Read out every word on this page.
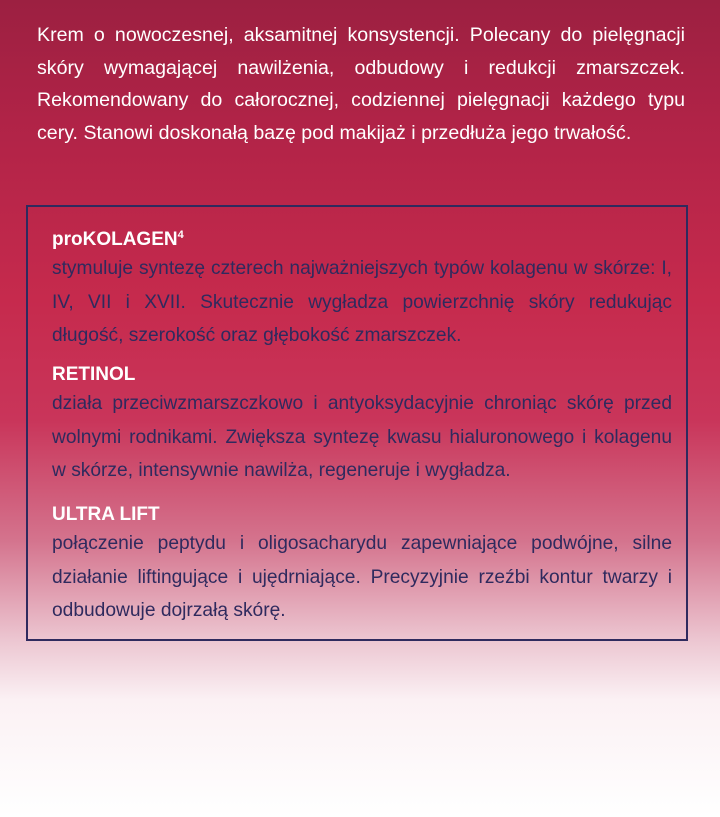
Krem o nowoczesnej, aksamitnej konsystencji. Polecany do pielęgnacji skóry wymagającej nawilżenia, odbudowy i redukcji zmarszczek. Rekomendowany do całorocznej, codziennej pielęgnacji każdego typu cery. Stanowi doskonałą bazę pod makijaż i przedłuża jego trwałość.

proKOLAGEN$^4$

stymuluje syntezę czterech najważniejszych typów kolagenu w skórze: I, IV, VII i XVII. Skutecznie wygładza powierzchnię skóry redukując długość, szerokość oraz głębokość zmarszczek.

RETINOL

działa przeciwzmarszczkowo i antyoksydacyjnie chroniąc skórę przed wolnymi rodnikami. Zwiększa syntezę kwasu hialuronowego i kolagenu w skórze, intensywnie nawilża, regeneruje i wygładza.

ULTRA LIFT

połączenie peptydu i oligosacharydu zapewniające podwójne, silne działanie liftingujące i ujędrniające. Precyzyjnie rzeźbi kontur twarzy i odbudowuje dojrzałą skórę.
